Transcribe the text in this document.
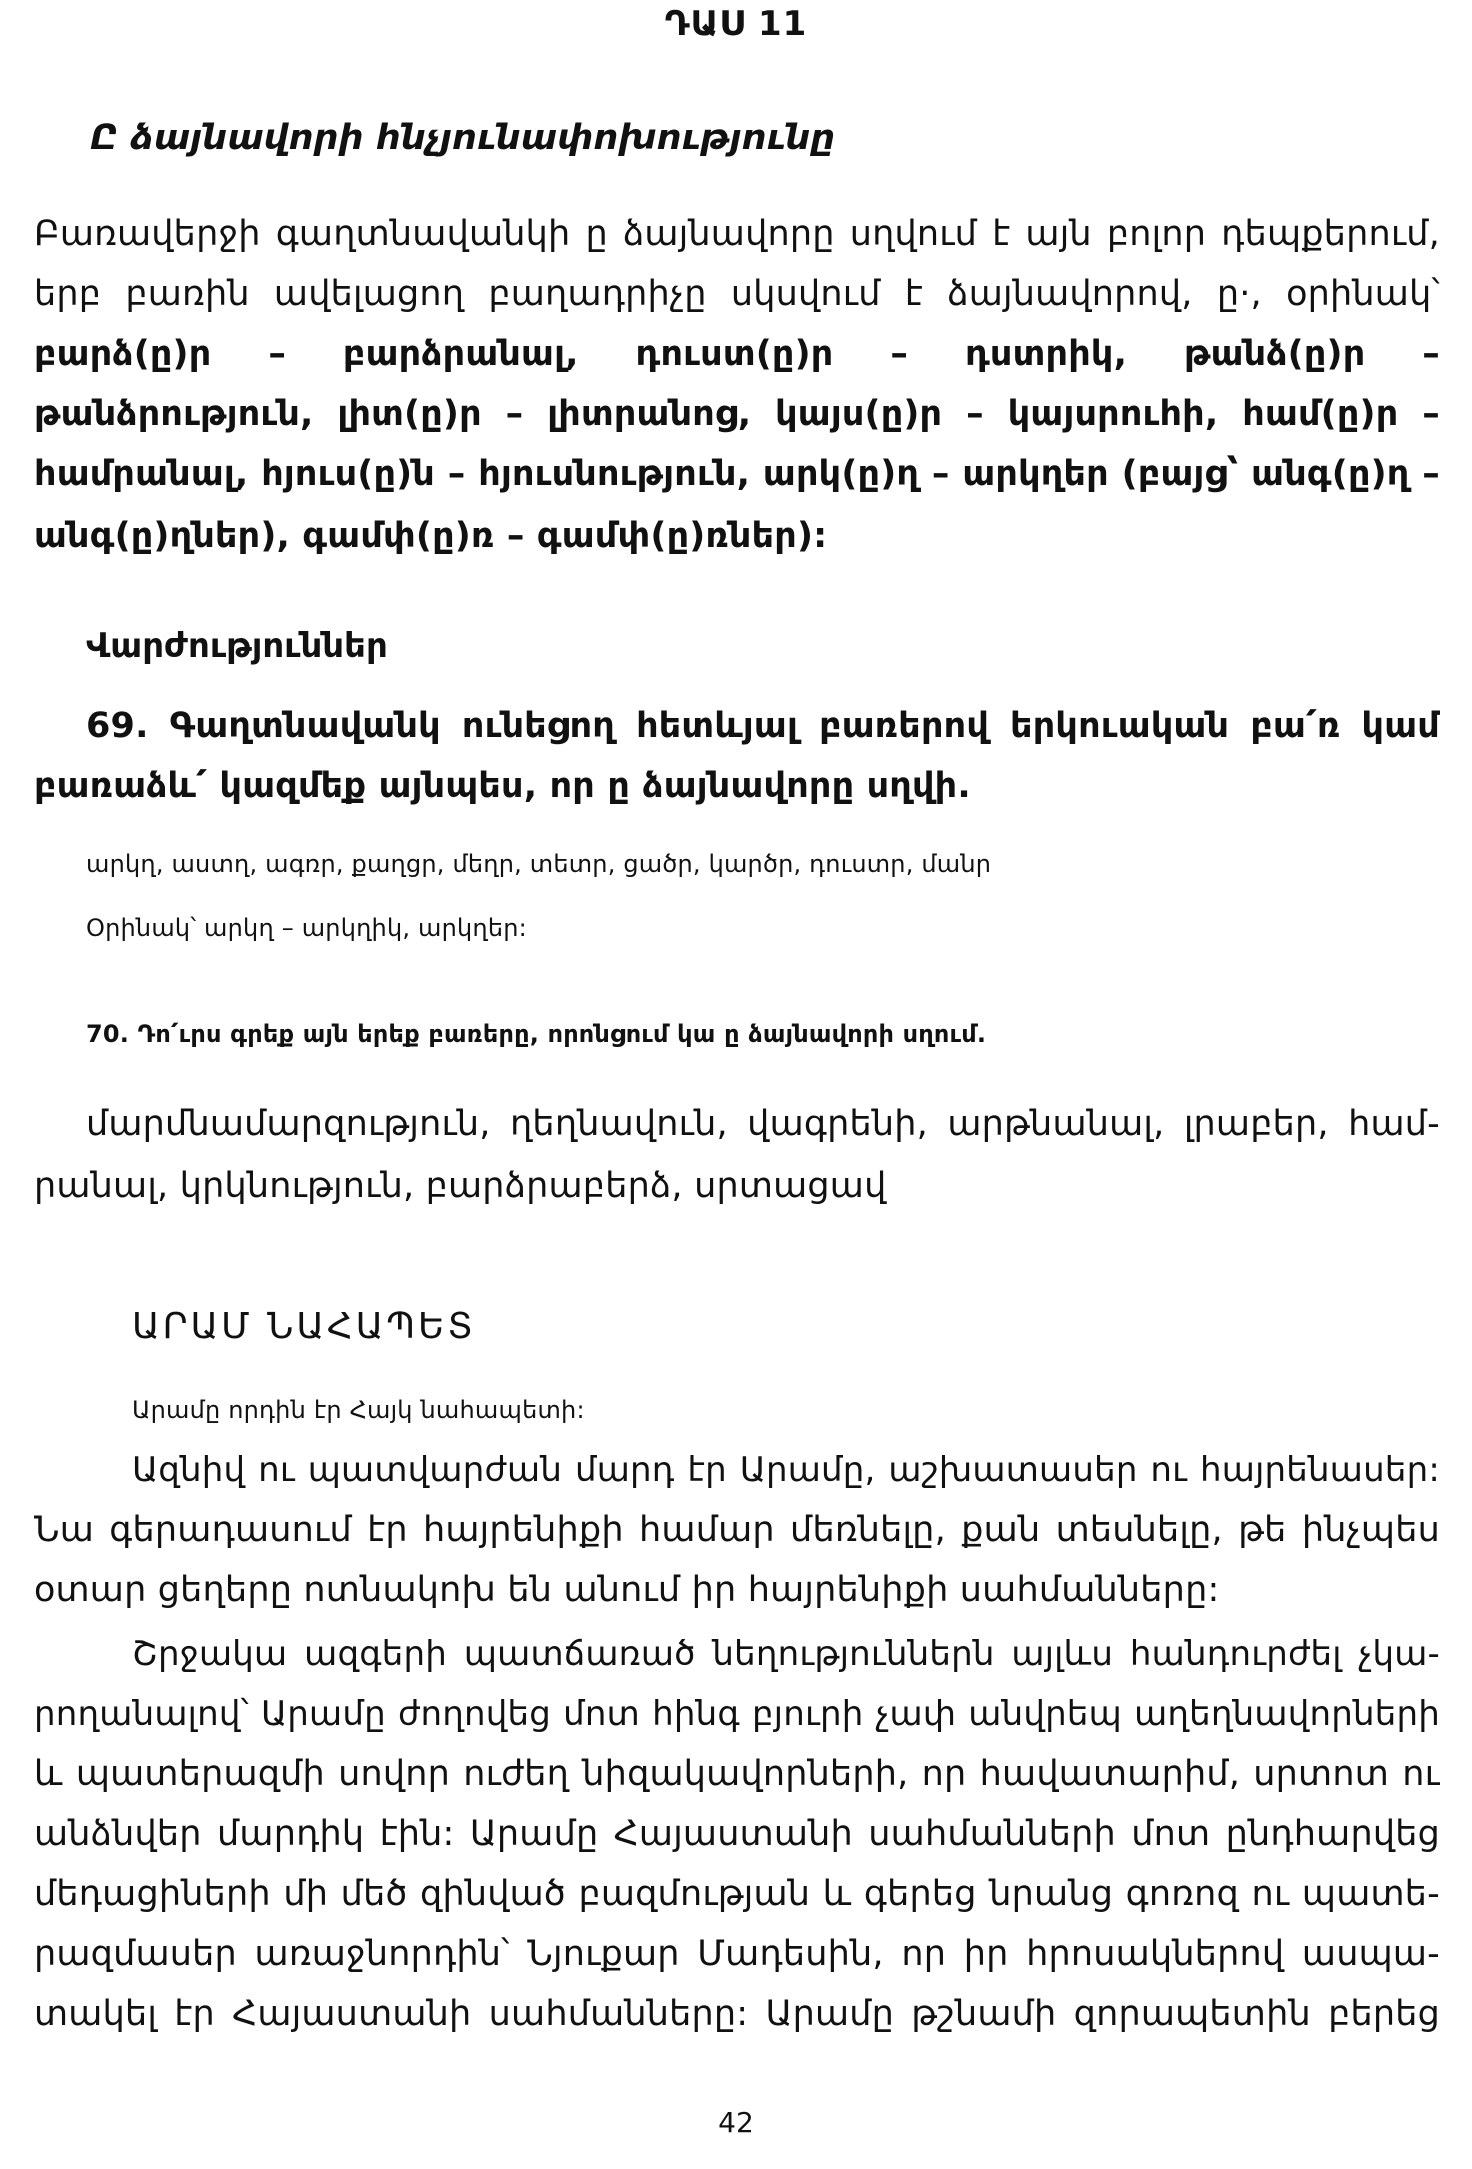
ԴԱՍ 11
Ը ձայնավորի հնչյունափոխությունը
Բառավերջի գաղտնավանկի ը ձայնավորը սղվում է այն բոլոր դեպքերում,
երբ բառին ավելացող բաղադրիչը սկսվում է ձայնավորով, ը·, օրինակ՝
բարձ(ը)ր – բարձրանալ, դուստ(ը)ր – դստրիկ, թանձ(ը)ր –
թանձրություն, լիտ(ը)ր – լիտրանոց, կայս(ը)ր – կայսրուհի, համ(ը)ր –
համրանալ, հյուս(ը)ն – հյուսնություն, արկ(ը)ղ – արկղեր (բայց՝ անգ(ը)ղ –
անգ(ը)ղներ), գամփ(ը)ռ – գամփ(ը)ռներ):
Վարժություններ
69. Գաղտնավանկ ունեցող հետևյալ բառերով երկուական բա՛ռ կամ
բառաձև՛ կազմեք այնպես, որ ը ձայնավորը սղվի.
արկղ, աստղ, ագռր, քաղցր, մեղր, տետր, ցածր, կարծր, դուստր, մանր
Օրինակ՝ արկղ – արկղիկ, արկղեր:
70. Դո՛ւրս գրեք այն երեք բառերը, որոնցում կա ը ձայնավորի սղում.
մարմնամարզություն, ղեղնավուն, վագրենի, արթնանալ, լրաբեր, համ-
րանալ, կրկնություն, բարձրաբերձ, սրտացավ
ԱՐԱՄ ՆԱՀԱՊԵՏ
Արամը որդին էր Հայկ նահապետի:
Ազնիվ ու պատվարժան մարդ էր Արամը, աշխատասեր ու հայրենասեր:
Նա գերադասում էր հայրենիքի համար մեռնելը, քան տեսնելը, թե ինչպես
օտար ցեղերը ոտնակոխ են անում իր հայրենիքի սահմանները:
Շրջակա ազգերի պատճառած նեղություններն այլևս հանդուրժել չկա-
րողանալով՝ Արամը ժողովեց մոտ հինգ բյուրի չափ անվրեպ աղեղնավորների
և պատերազմի սովոր ուժեղ նիզակավորների, որ հավատարիմ, սրտոտ ու
անձնվեր մարդիկ էին: Արամը Հայաստանի սահմանների մոտ ընդհարվեց
մեդացիների մի մեծ զինված բազմության և գերեց նրանց գոռոզ ու պատե-
րազմասեր առաջնորդին՝ Նյուքար Մադեսին, որ իր հրոսակներով ասպա-
տակել էր Հայաստանի սահմանները: Արամը թշնամի զորապետին բերեց
42
